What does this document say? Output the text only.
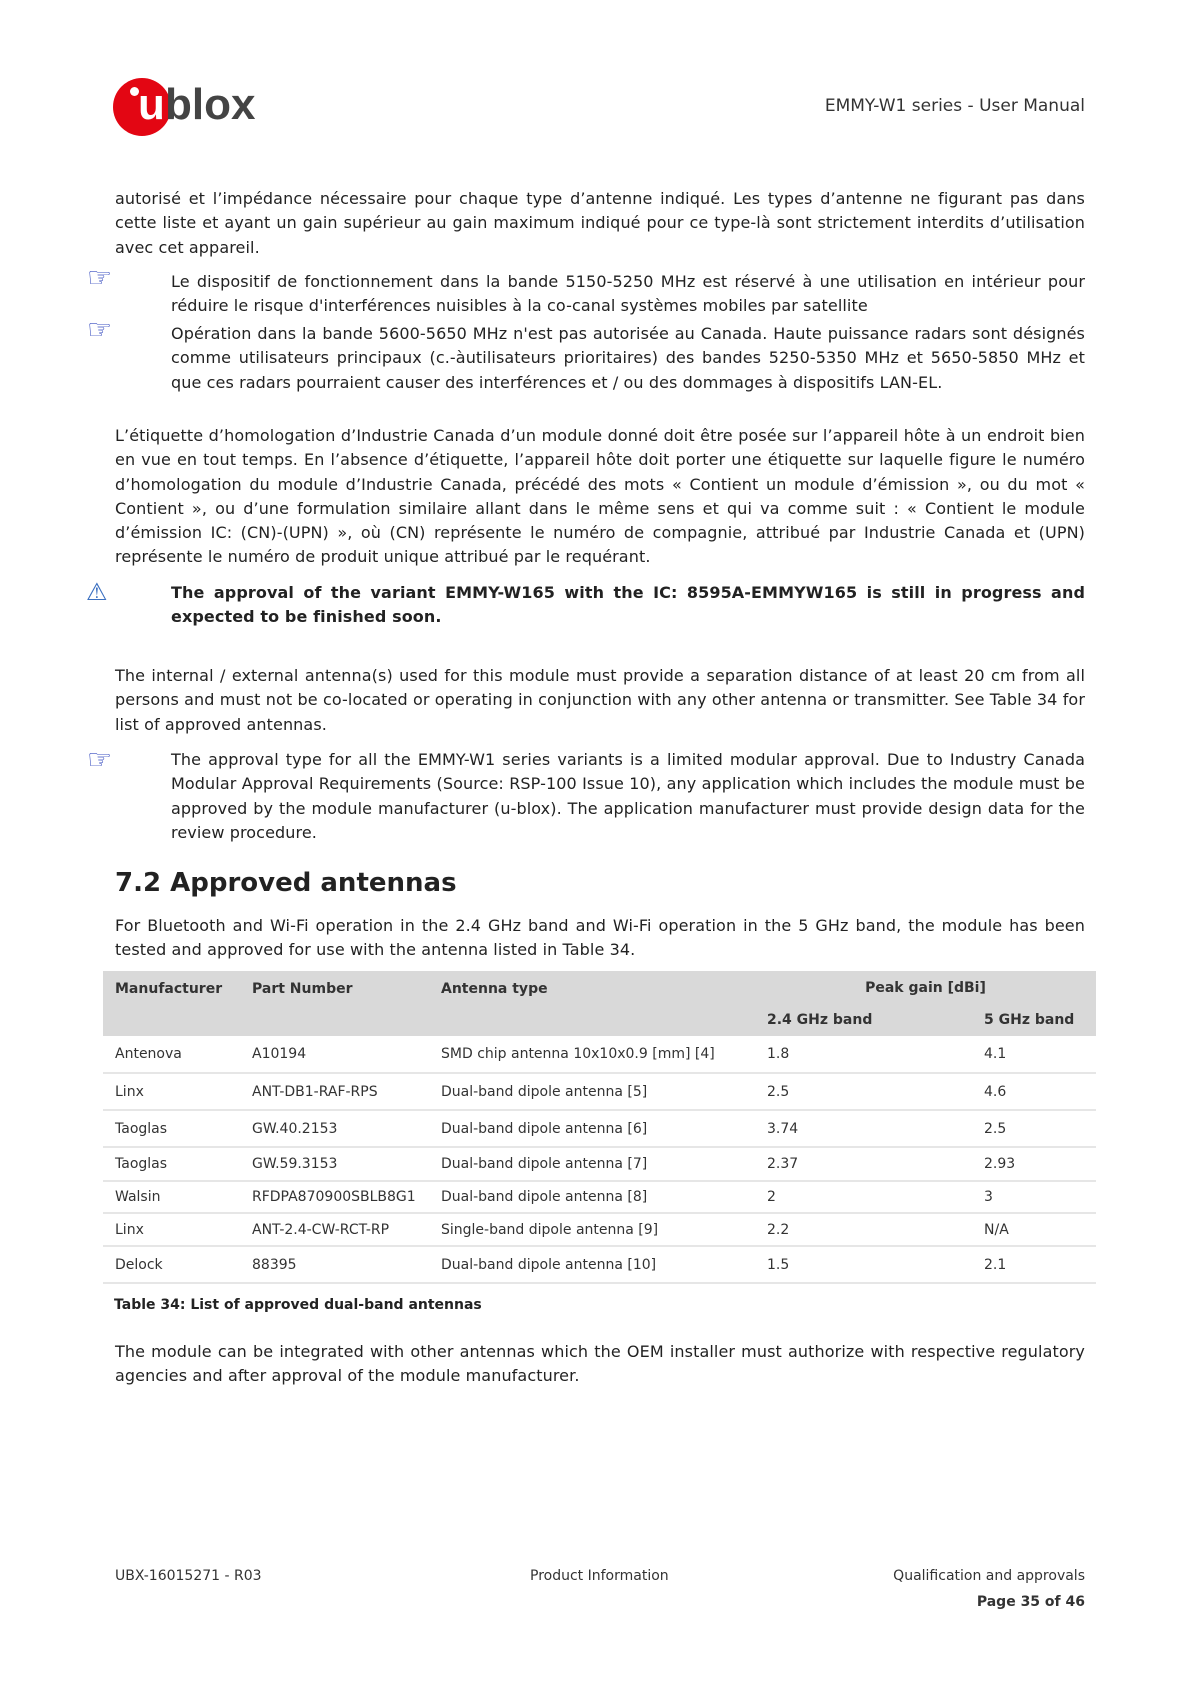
u blox	EMMY-W1 series - User Manual

autorisé et l’impédance nécessaire pour chaque type d’antenne indiqué. Les types d’antenne ne figurant pas dans cette liste et ayant un gain supérieur au gain maximum indiqué pour ce type-là sont strictement interdits d’utilisation avec cet appareil.

☞	Le dispositif de fonctionnement dans la bande 5150-5250 MHz est réservé à une utilisation en intérieur pour réduire le risque d'interférences nuisibles à la co-canal systèmes mobiles par satellite

☞	Opération dans la bande 5600-5650 MHz n'est pas autorisée au Canada. Haute puissance radars sont désignés comme utilisateurs principaux (c.-àutilisateurs prioritaires) des bandes 5250-5350 MHz et 5650-5850 MHz et que ces radars pourraient causer des interférences et / ou des dommages à dispositifs LAN-EL.

L’étiquette d’homologation d’Industrie Canada d’un module donné doit être posée sur l’appareil hôte à un endroit bien en vue en tout temps. En l’absence d’étiquette, l’appareil hôte doit porter une étiquette sur laquelle figure le numéro d’homologation du module d’Industrie Canada, précédé des mots « Contient un module d’émission », ou du mot « Contient », ou d’une formulation similaire allant dans le même sens et qui va comme suit : « Contient le module d’émission IC: (CN)-(UPN) », où (CN) représente le numéro de compagnie, attribué par Industrie Canada et (UPN) représente le numéro de produit unique attribué par le requérant.

⚠	The approval of the variant EMMY-W165 with the IC: 8595A-EMMYW165 is still in progress and expected to be finished soon.

The internal / external antenna(s) used for this module must provide a separation distance of at least 20 cm from all persons and must not be co-located or operating in conjunction with any other antenna or transmitter. See Table 34 for list of approved antennas.

☞	The approval type for all the EMMY-W1 series variants is a limited modular approval. Due to Industry Canada Modular Approval Requirements (Source: RSP-100 Issue 10), any application which includes the module must be approved by the module manufacturer (u-blox). The application manufacturer must provide design data for the review procedure.

7.2 Approved antennas

For Bluetooth and Wi-Fi operation in the 2.4 GHz band and Wi-Fi operation in the 5 GHz band, the module has been tested and approved for use with the antenna listed in Table 34.

Manufacturer	Part Number	Antenna type	Peak gain [dBi]	
			2.4 GHz band	5 GHz band
Antenova	A10194	SMD chip antenna 10x10x0.9 [mm] [4]	1.8	4.1
Linx	ANT-DB1-RAF-RPS	Dual-band dipole antenna [5]	2.5	4.6
Taoglas	GW.40.2153	Dual-band dipole antenna [6]	3.74	2.5
Taoglas	GW.59.3153	Dual-band dipole antenna [7]	2.37	2.93
Walsin	RFDPA870900SBLB8G1	Dual-band dipole antenna [8]	2	3
Linx	ANT-2.4-CW-RCT-RP	Single-band dipole antenna [9]	2.2	N/A
Delock	88395	Dual-band dipole antenna [10]	1.5	2.1
Table 34: List of approved dual-band antennas

The module can be integrated with other antennas which the OEM installer must authorize with respective regulatory agencies and after approval of the module manufacturer.

UBX-16015271 - R03	Product Information	Qualification and approvals
Page 35 of 46
